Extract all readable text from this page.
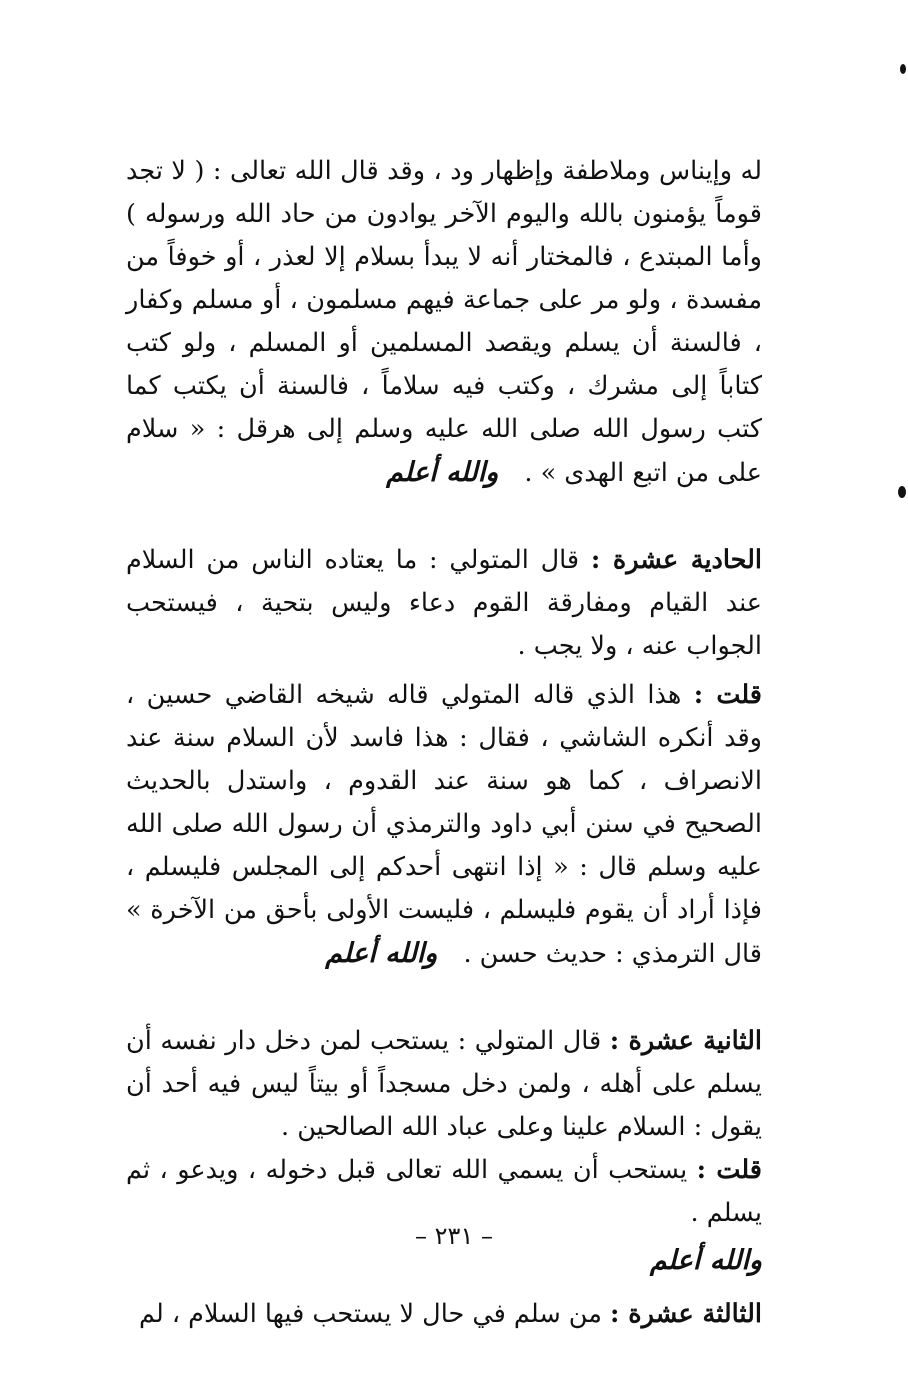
له وإيناس وملاطفة وإظهار ود ، وقد قال الله تعالى : ( لا تجد قوماً يؤمنون بالله واليوم الآخر يوادون من حاد الله ورسوله ) وأما المبتدع ، فالمختار أنه لا يبدأ بسلام إلا لعذر ، أو خوفاً من مفسدة ، ولو مر على جماعة فيهم مسلمون ، أو مسلم وكفار ، فالسنة أن يسلم ويقصد المسلمين أو المسلم ، ولو كتب كتاباً إلى مشرك ، وكتب فيه سلاماً ، فالسنة أن يكتب كما كتب رسول الله صلى الله عليه وسلم إلى هرقل : « سلام على من اتبع الهدى » . والله أعلم

الحادية عشرة : قال المتولي : ما يعتاده الناس من السلام عند القيام ومفارقة القوم دعاء وليس بتحية ، فيستحب الجواب عنه ، ولا يجب .

قلت : هذا الذي قاله المتولي قاله شيخه القاضي حسين ، وقد أنكره الشاشي ، فقال : هذا فاسد لأن السلام سنة عند الانصراف ، كما هو سنة عند القدوم ، واستدل بالحديث الصحيح في سنن أبي داود والترمذي أن رسول الله صلى الله عليه وسلم قال : « إذا انتهى أحدكم إلى المجلس فليسلم ، فإذا أراد أن يقوم فليسلم ، فليست الأولى بأحق من الآخرة » قال الترمذي : حديث حسن . والله أعلم

الثانية عشرة : قال المتولي : يستحب لمن دخل دار نفسه أن يسلم على أهله ، ولمن دخل مسجداً أو بيتاً ليس فيه أحد أن يقول : السلام علينا وعلى عباد الله الصالحين .

قلت : يستحب أن يسمي الله تعالى قبل دخوله ، ويدعو ، ثم يسلم .

والله أعلم

الثالثة عشرة : من سلم في حال لا يستحب فيها السلام ، لم

– ٢٣١ –
